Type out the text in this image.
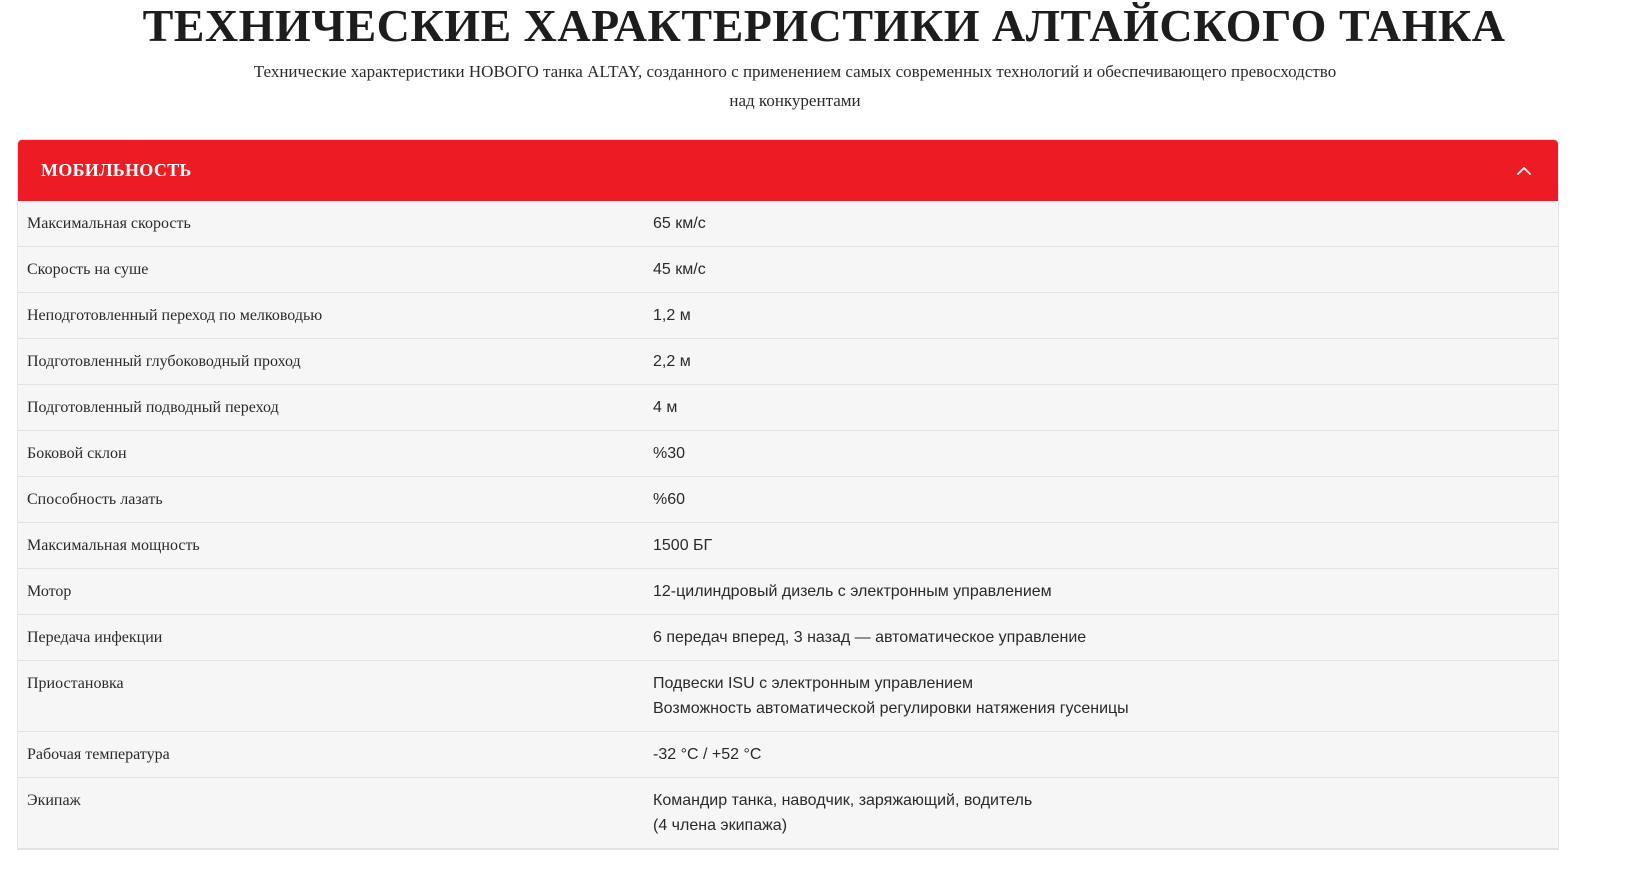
ТЕХНИЧЕСКИЕ ХАРАКТЕРИСТИКИ АЛТАЙСКОГО ТАНКА

Технические характеристики НОВОГО танка ALTAY, созданного с применением самых современных технологий и обеспечивающего превосходство над конкурентами

МОБИЛЬНОСТЬ
Максимальная скорость	65 км/с

Скорость на суше	45 км/с

Неподготовленный переход по мелководью	1,2 м

Подготовленный глубоководный проход	2,2 м

Подготовленный подводный переход	4 м

Боковой склон	%30

Способность лазать	%60

Максимальная мощность	1500 БГ

Мотор	12-цилиндровый дизель с электронным управлением

Передача инфекции	6 передач вперед, 3 назад — автоматическое управление

Приостановка	Подвески ISU с электронным управлением
Возможность автоматической регулировки натяжения гусеницы

Рабочая температура	-32 °C / +52 °C

Экипаж	Командир танка, наводчик, заряжающий, водитель
(4 члена экипажа)
